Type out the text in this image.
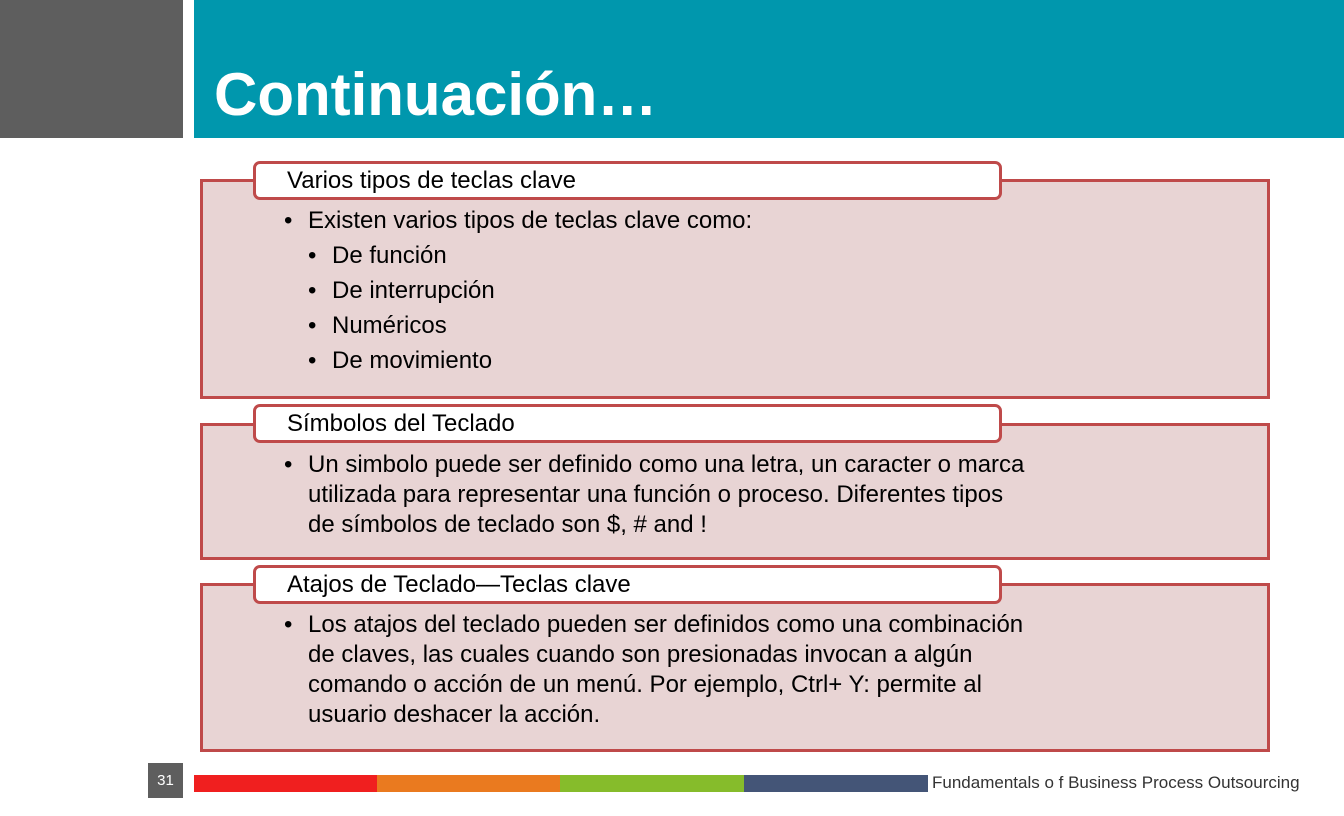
Continuación…
Varios tipos de teclas clave

• Existen varios tipos de teclas clave como:

• De función

• De interrupción

• Numéricos

• De movimiento

Símbolos del Teclado
• Un simbolo puede ser definido como una letra, un caracter o marca
utilizada para representar una función o proceso. Diferentes tipos
de símbolos de teclado son $, # and !
Atajos de Teclado—Teclas clave
• Los atajos del teclado pueden ser definidos como una combinación
de claves, las cuales cuando son presionadas invocan a algún
comando o acción de un menú. Por ejemplo, Ctrl+ Y: permite al
usuario deshacer la acción.
31	Fundamentals o f Business Process Outsourcing
